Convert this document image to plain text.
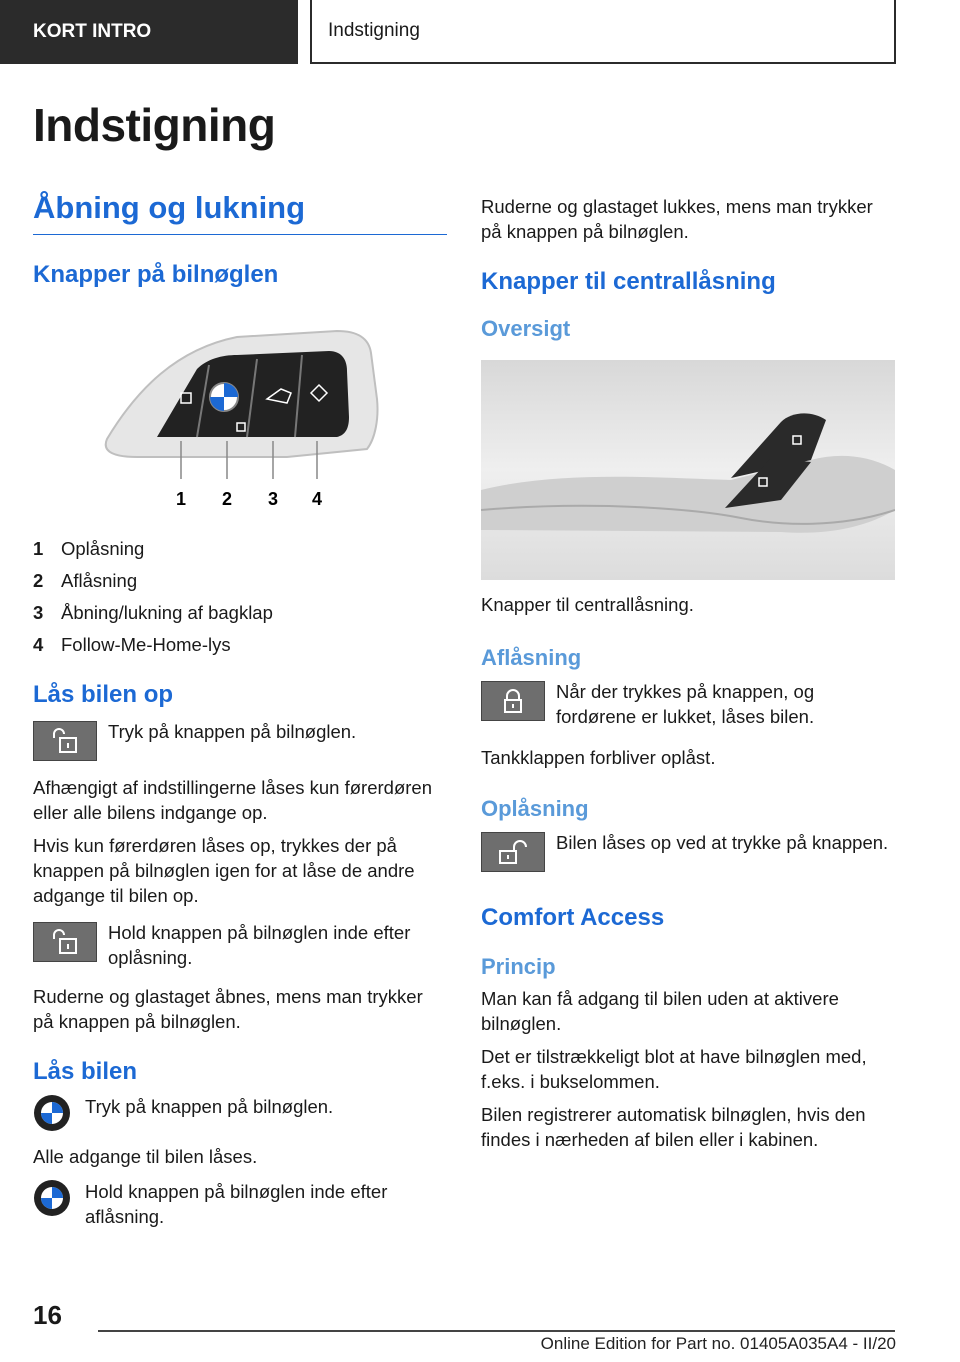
KORT INTRO	Indstigning
Indstigning
Åbning og lukning
Knapper på bilnøglen
1 2 3 4
1 Oplåsning
2 Aflåsning
3 Åbning/lukning af bagklap
4 Follow-Me-Home-lys
Lås bilen op

Tryk på knappen på bilnøglen.

Afhængigt af indstillingerne låses kun førerdøren eller alle bilens indgange op.

Hvis kun førerdøren låses op, trykkes der på knappen på bilnøglen igen for at låse de andre adgange til bilen op.

Hold knappen på bilnøglen inde efter oplåsning.

Ruderne og glastaget åbnes, mens man trykker på knappen på bilnøglen.

Lås bilen

Tryk på knappen på bilnøglen.

Alle adgange til bilen låses.

Hold knappen på bilnøglen inde efter aflåsning.

Ruderne og glastaget lukkes, mens man trykker på knappen på bilnøglen.

Knapper til centrallåsning
Oversigt

Knapper til centrallåsning.

Aflåsning

Når der trykkes på knappen, og fordørene er lukket, låses bilen.

Tankklappen forbliver oplåst.

Oplåsning

Bilen låses op ved at trykke på knappen.

Comfort Access
Princip

Man kan få adgang til bilen uden at aktivere bilnøglen.

Det er tilstrækkeligt blot at have bilnøglen med, f.eks. i bukselommen.

Bilen registrerer automatisk bilnøglen, hvis den findes i nærheden af bilen eller i kabinen.

16
Online Edition for Part no. 01405A035A4 - II/20
